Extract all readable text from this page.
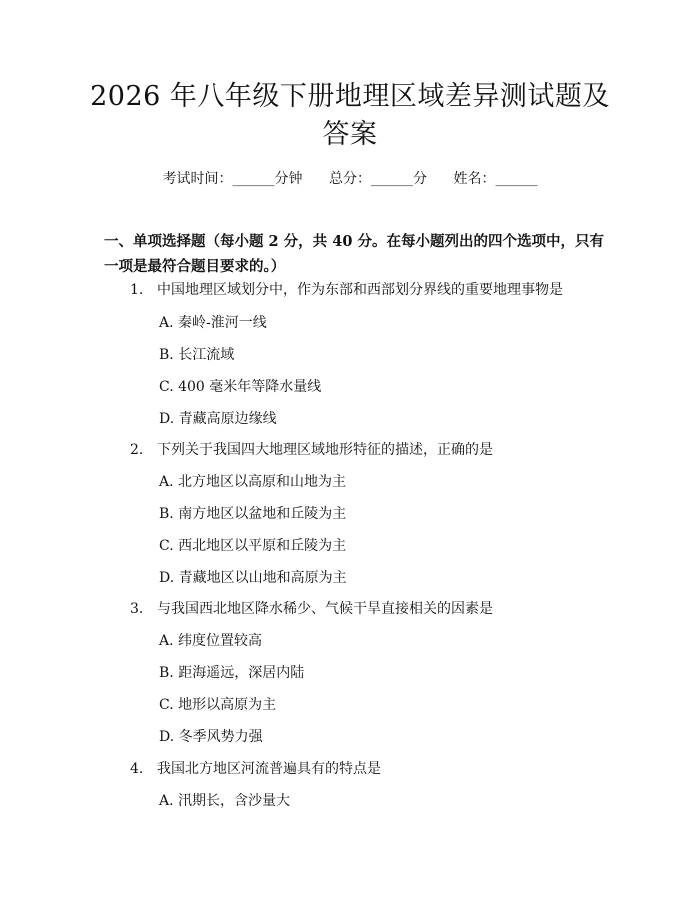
2026 年八年级下册地理区域差异测试题及答案
考试时间：______分钟 总分：______分 姓名：______
一、单项选择题（每小题 2 分，共 40 分。在每小题列出的四个选项中，只有一项是最符合题目要求的。）
1. 中国地理区域划分中，作为东部和西部划分界线的重要地理事物是
A. 秦岭-淮河一线
B. 长江流域
C. 400 毫米年等降水量线
D. 青藏高原边缘线
2. 下列关于我国四大地理区域地形特征的描述，正确的是
A. 北方地区以高原和山地为主
B. 南方地区以盆地和丘陵为主
C. 西北地区以平原和丘陵为主
D. 青藏地区以山地和高原为主
3. 与我国西北地区降水稀少、气候干旱直接相关的因素是
A. 纬度位置较高
B. 距海遥远，深居内陆
C. 地形以高原为主
D. 冬季风势力强
4. 我国北方地区河流普遍具有的特点是
A. 汛期长，含沙量大
